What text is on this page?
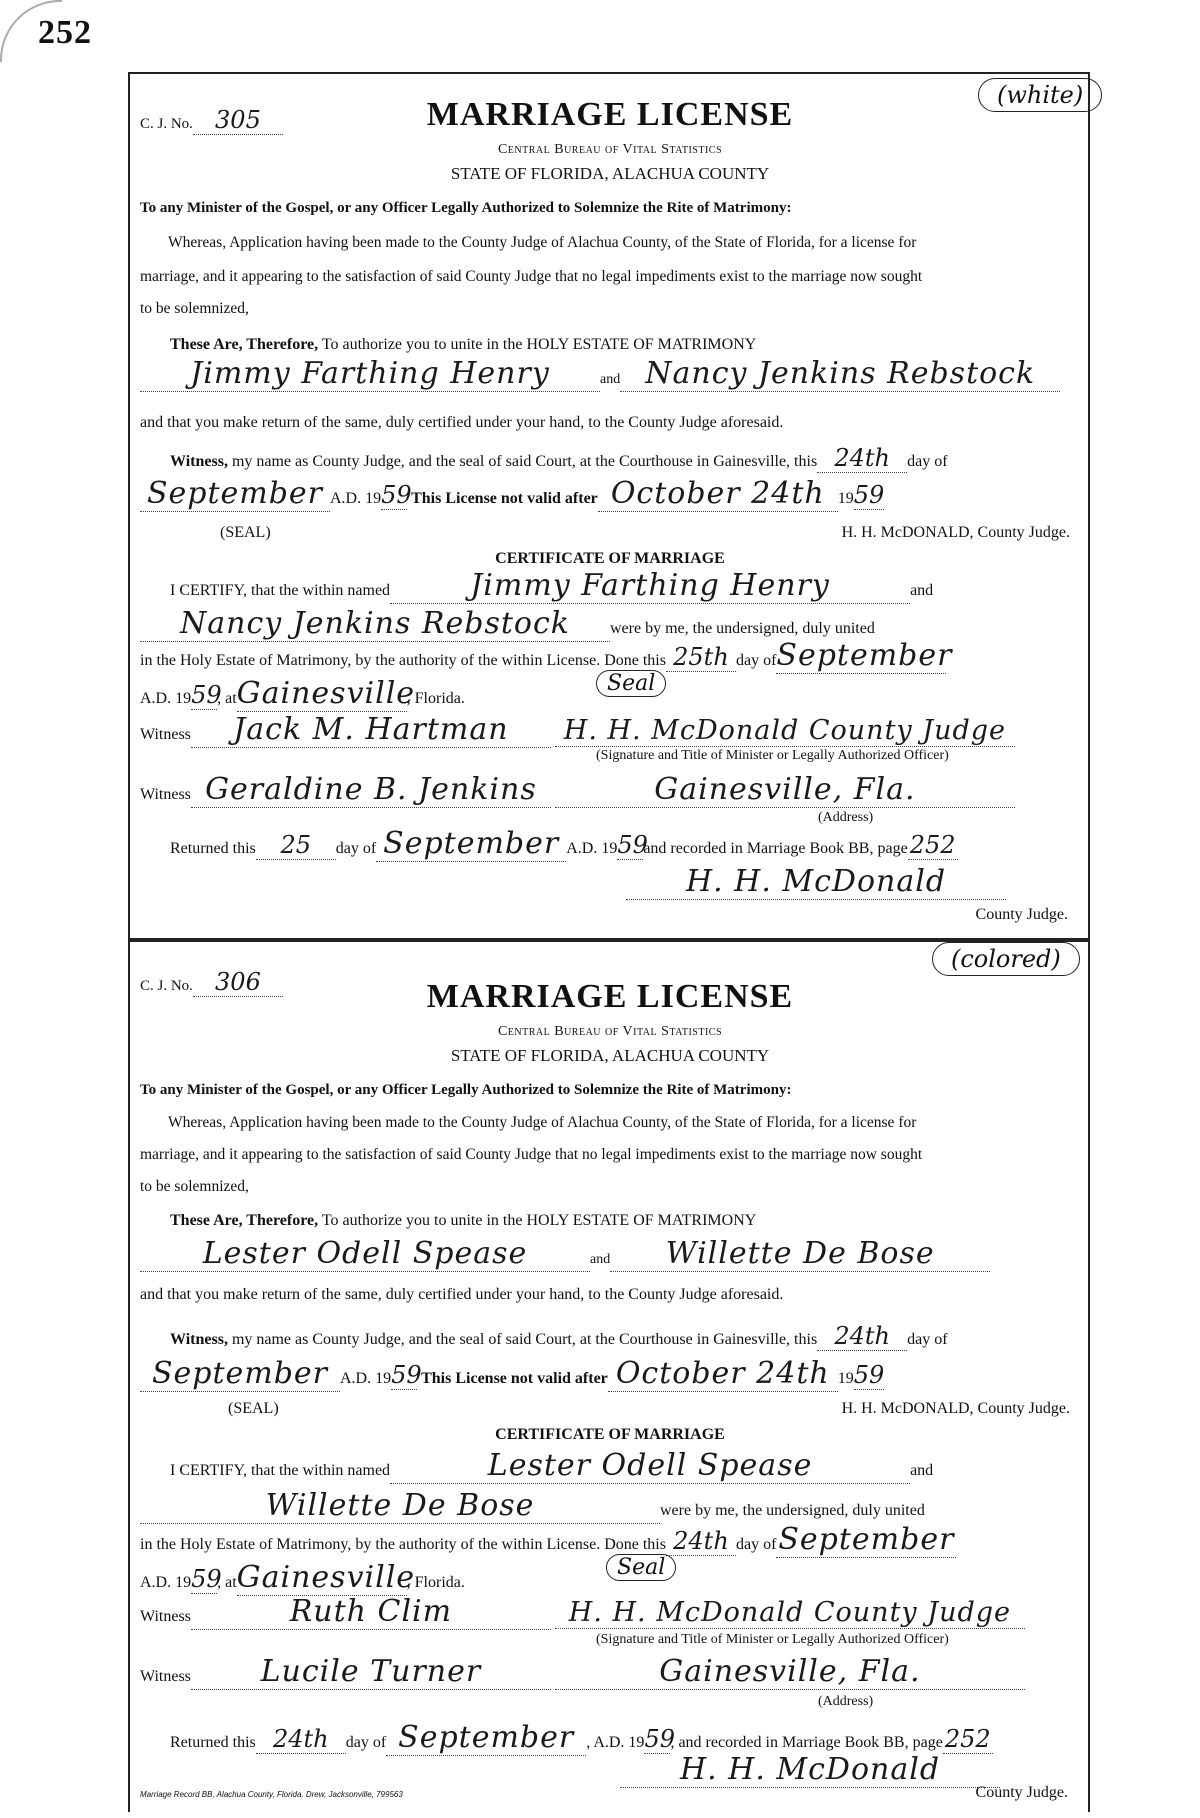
252
C. J. No. 305
(white)
MARRIAGE LICENSE
Central Bureau of Vital Statistics
STATE OF FLORIDA, ALACHUA COUNTY
To any Minister of the Gospel, or any Officer Legally Authorized to Solemnize the Rite of Matrimony:
Whereas, Application having been made to the County Judge of Alachua County, of the State of Florida, for a license for
marriage, and it appearing to the satisfaction of said County Judge that no legal impediments exist to the marriage now sought
to be solemnized,
These Are, Therefore, To authorize you to unite in the HOLY ESTATE OF MATRIMONY
Jimmy Farthing Henry	and Nancy Jenkins Rebstock
and that you make return of the same, duly certified under your hand, to the County Judge aforesaid.
Witness, my name as County Judge, and the seal of said Court, at the Courthouse in Gainesville, this 24th day of
September A.D. 1959 This License not valid after October 24th 1959
(SEAL)	H. H. McDONALD, County Judge.
CERTIFICATE OF MARRIAGE
I CERTIFY, that the within named	Jimmy Farthing Henry	and
Nancy Jenkins Rebstock	were by me, the undersigned, duly united
in the Holy Estate of Matrimony, by the authority of the within License. Done this 25th day ofSeptember
A.D. 1959, atGainesville, Florida.
Seal
Witness Jack M. Hartman H. H. McDonald County Judge
(Signature and Title of Minister or Legally Authorized Officer)
Witness Geraldine B. Jenkins	Gainesville, Fla.
(Address)
Returned this 25 day of September A.D. 1959and recorded in Marriage Book BB, page252
H. H. McDonald
County Judge.
C. J. No. 306
(colored)
MARRIAGE LICENSE
Central Bureau of Vital Statistics
STATE OF FLORIDA, ALACHUA COUNTY
To any Minister of the Gospel, or any Officer Legally Authorized to Solemnize the Rite of Matrimony:
Whereas, Application having been made to the County Judge of Alachua County, of the State of Florida, for a license for
marriage, and it appearing to the satisfaction of said County Judge that no legal impediments exist to the marriage now sought
to be solemnized,
These Are, Therefore, To authorize you to unite in the HOLY ESTATE OF MATRIMONY
Lester Odell Spease	and Willette De Bose
and that you make return of the same, duly certified under your hand, to the County Judge aforesaid.
Witness, my name as County Judge, and the seal of said Court, at the Courthouse in Gainesville, this 24th day of
September A.D. 1959 This License not valid after October 24th 1959
(SEAL)	H. H. McDONALD, County Judge.
CERTIFICATE OF MARRIAGE
I CERTIFY, that the within named	Lester Odell Spease	and
Willette De Bose	were by me, the undersigned, duly united
in the Holy Estate of Matrimony, by the authority of the within License. Done this 24th day ofSeptember
A.D. 1959, atGainesville, Florida.
Seal
Witness	Ruth Clim	H. H. McDonald County Judge
(Signature and Title of Minister or Legally Authorized Officer)
Witness Lucile Turner	Gainesville, Fla.
(Address)
Returned this 24th day of September , A.D. 1959, and recorded in Marriage Book BB, page252
H. H. McDonald
County Judge.
Marriage Record BB, Alachua County, Florida. Drew, Jacksonville, 799563
